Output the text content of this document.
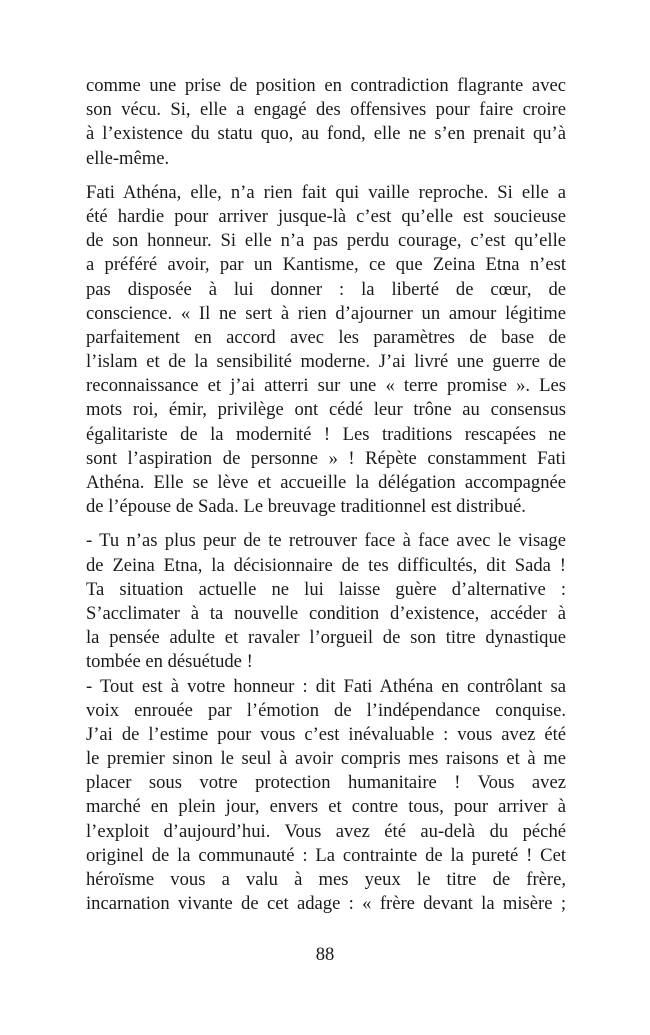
comme une prise de position en contradiction flagrante avec
son vécu. Si, elle a engagé des offensives pour faire croire
à l’existence du statu quo, au fond, elle ne s’en prenait qu’à
elle-même.
Fati Athéna, elle, n’a rien fait qui vaille reproche. Si elle a
été hardie pour arriver jusque-là c’est qu’elle est soucieuse
de son honneur. Si elle n’a pas perdu courage, c’est qu’elle
a préféré avoir, par un Kantisme, ce que Zeina Etna n’est
pas disposée à lui donner : la liberté de cœur, de
conscience. « Il ne sert à rien d’ajourner un amour légitime
parfaitement en accord avec les paramètres de base de
l’islam et de la sensibilité moderne. J’ai livré une guerre de
reconnaissance et j’ai atterri sur une « terre promise ». Les
mots roi, émir, privilège ont cédé leur trône au consensus
égalitariste de la modernité ! Les traditions rescapées ne
sont l’aspiration de personne » ! Répète constamment Fati
Athéna. Elle se lève et accueille la délégation accompagnée
de l’épouse de Sada. Le breuvage traditionnel est distribué.
- Tu n’as plus peur de te retrouver face à face avec le visage
de Zeina Etna, la décisionnaire de tes difficultés, dit Sada !
Ta situation actuelle ne lui laisse guère d’alternative :
S’acclimater à ta nouvelle condition d’existence, accéder à
la pensée adulte et ravaler l’orgueil de son titre dynastique
tombée en désuétude !
- Tout est à votre honneur : dit Fati Athéna en contrôlant sa
voix enrouée par l’émotion de l’indépendance conquise.
J’ai de l’estime pour vous c’est inévaluable : vous avez été
le premier sinon le seul à avoir compris mes raisons et à me
placer sous votre protection humanitaire ! Vous avez
marché en plein jour, envers et contre tous, pour arriver à
l’exploit d’aujourd’hui. Vous avez été au-delà du péché
originel de la communauté : La contrainte de la pureté ! Cet
héroïsme vous a valu à mes yeux le titre de frère,
incarnation vivante de cet adage : « frère devant la misère ;
88
